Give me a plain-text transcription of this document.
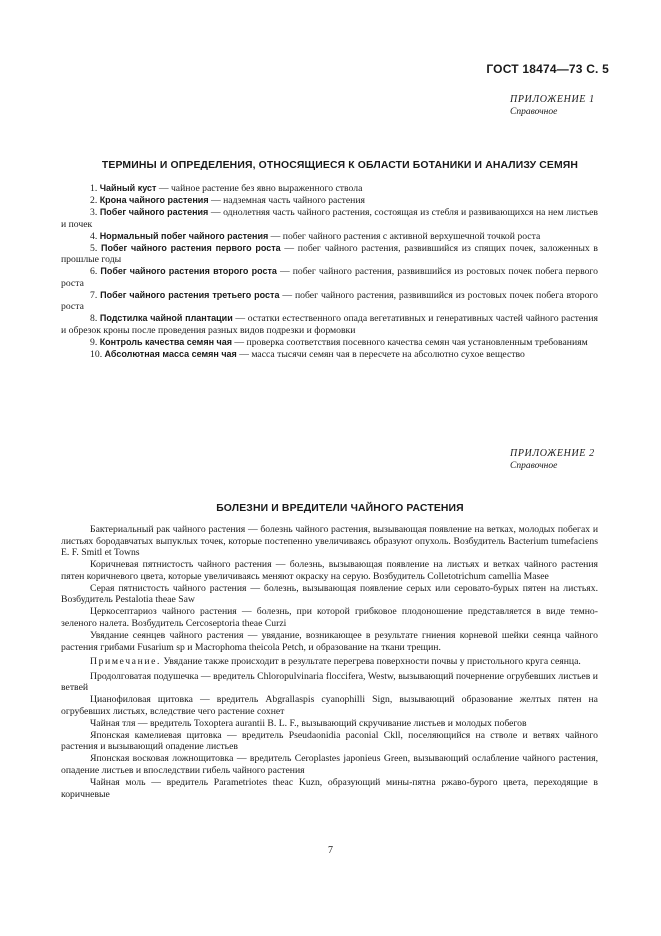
ГОСТ 18474—73 С. 5
ПРИЛОЖЕНИЕ 1
Справочное
ТЕРМИНЫ И ОПРЕДЕЛЕНИЯ, ОТНОСЯЩИЕСЯ К ОБЛАСТИ БОТАНИКИ И АНАЛИЗУ СЕМЯН

1. Чайный куст — чайное растение без явно выраженного ствола

2. Крона чайного растения — надземная часть чайного растения

3. Побег чайного растения — однолетняя часть чайного растения, состоящая из стебля и развивающихся на нем листьев и почек

4. Нормальный побег чайного растения — побег чайного растения с активной верхушечной точкой роста

5. Побег чайного растения первого роста — побег чайного растения, развившийся из спящих почек, заложенных в прошлые годы

6. Побег чайного растения второго роста — побег чайного растения, развившийся из ростовых почек побега первого роста

7. Побег чайного растения третьего роста — побег чайного растения, развившийся из ростовых почек побега второго роста

8. Подстилка чайной плантации — остатки естественного опада вегетативных и генеративных частей чайного растения и обрезок кроны после проведения разных видов подрезки и формовки

9. Контроль качества семян чая — проверка соответствия посевного качества семян чая установленным требованиям

10. Абсолютная масса семян чая — масса тысячи семян чая в пересчете на абсолютно сухое вещество

ПРИЛОЖЕНИЕ 2
Справочное
БОЛЕЗНИ И ВРЕДИТЕЛИ ЧАЙНОГО РАСТЕНИЯ

Бактериальный рак чайного растения — болезнь чайного растения, вызывающая появление на ветках, молодых побегах и листьях бородавчатых выпуклых точек, которые постепенно увеличиваясь образуют опухоль. Возбудитель Bacterium tumefaciens E. F. Smitl et Towns

Коричневая пятнистость чайного растения — болезнь, вызывающая появление на листьях и ветках чайного растения пятен коричневого цвета, которые увеличиваясь меняют окраску на серую. Возбудитель Colletotrichum camellia Masee

Серая пятнистость чайного растения — болезнь, вызывающая появление серых или серовато-бурых пятен на листьях. Возбудитель Pestalotia theae Saw

Церкосептариоз чайного растения — болезнь, при которой грибковое плодоношение представляется в виде темно-зеленого налета. Возбудитель Cercoseptoria theae Curzi

Увядание сеянцев чайного растения — увядание, возникающее в результате гниения корневой шейки сеянца чайного растения грибами Fusarium sp и Macrophoma theicola Petch, и образование на ткани трещин.

Примечание. Увядание также происходит в результате перегрева поверхности почвы у пристольного круга сеянца.

Продолговатая подушечка — вредитель Chloropulvinaria floccifera, Westw, вызывающий почернение огрубевших листьев и ветвей

Цианофиловая щитовка — вредитель Abgrallaspis cyanophilli Sign, вызывающий образование желтых пятен на огрубевших листьях, вследствие чего растение сохнет

Чайная тля — вредитель Toxoptera aurantii B. L. F., вызывающий скручивание листьев и молодых побегов

Японская камелиевая щитовка — вредитель Pseudaonidia paconial Ckll, поселяющийся на стволе и ветвях чайного растения и вызывающий опадение листьев

Японская восковая ложнощитовка — вредитель Ceroplastes japonieus Green, вызывающий ослабление чайного растения, опадение листьев и впоследствии гибель чайного растения

Чайная моль — вредитель Parametriotes theac Kuzn, образующий мины-пятна ржаво-бурого цвета, переходящие в коричневые

7
